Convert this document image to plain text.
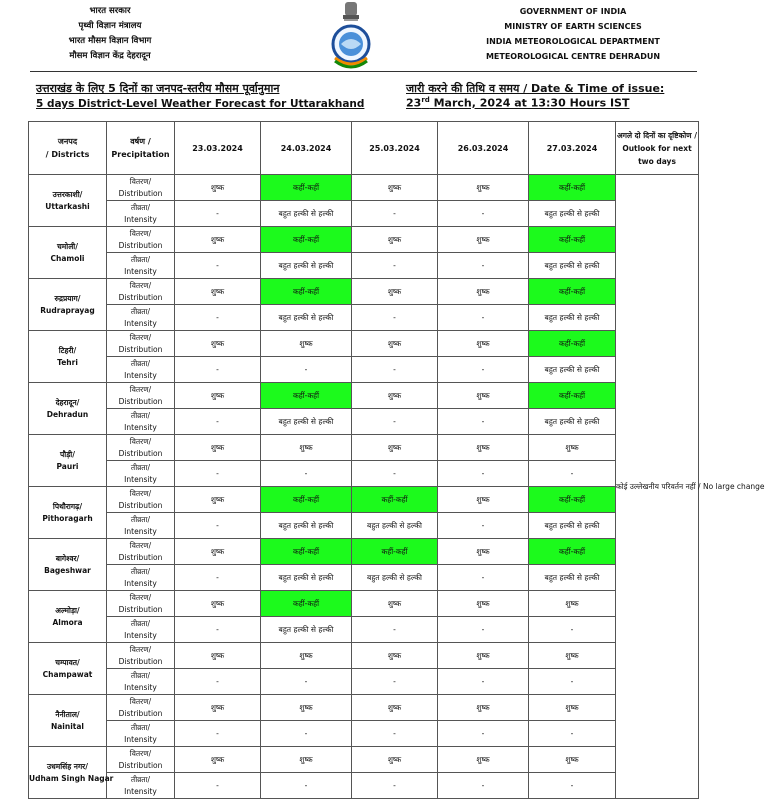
भारत सरकार
पृथ्वी विज्ञान मंत्रालय
भारत मौसम विज्ञान विभाग
मौसम विज्ञान केंद्र देहरादून
GOVERNMENT OF INDIA
MINISTRY OF EARTH SCIENCES
INDIA METEOROLOGICAL DEPARTMENT
METEOROLOGICAL CENTRE DEHRADUN
उत्तराखंड के लिए 5 दिनों का जनपद-स्तरीय मौसम पूर्वानुमान
5 days District-Level Weather Forecast for Uttarakhand
जारी करने की तिथि व समय / Date & Time of issue:
23rd March, 2024 at 13:30 Hours IST
जनपद
/ Districts	वर्षण /
Precipitation	23.03.2024	24.03.2024	25.03.2024	26.03.2024	27.03.2024	अगले दो दिनों का दृष्टिकोण / Outlook for next two days
उत्तरकाशी/
Uttarkashi	वितरण/
Distribution	शुष्क	कहीं-कहीं	शुष्क	शुष्क	कहीं-कहीं	कोई उल्लेखनीय परिवर्तन नहीं / No large change
	तीव्रता/
Intensity	-	बहुत हल्की से हल्की	-	-	बहुत हल्की से हल्की	
चमोली/
Chamoli	वितरण/
Distribution	शुष्क	कहीं-कहीं	शुष्क	शुष्क	कहीं-कहीं	
	तीव्रता/
Intensity	-	बहुत हल्की से हल्की	-	-	बहुत हल्की से हल्की	
रुद्रप्रयाग/
Rudraprayag	वितरण/
Distribution	शुष्क	कहीं-कहीं	शुष्क	शुष्क	कहीं-कहीं	
	तीव्रता/
Intensity	-	बहुत हल्की से हल्की	-	-	बहुत हल्की से हल्की	
टिहरी/
Tehri	वितरण/
Distribution	शुष्क	शुष्क	शुष्क	शुष्क	कहीं-कहीं	
	तीव्रता/
Intensity	-	-	-	-	बहुत हल्की से हल्की	
देहरादून/
Dehradun	वितरण/
Distribution	शुष्क	कहीं-कहीं	शुष्क	शुष्क	कहीं-कहीं	
	तीव्रता/
Intensity	-	बहुत हल्की से हल्की	-	-	बहुत हल्की से हल्की	
पौड़ी/
Pauri	वितरण/
Distribution	शुष्क	शुष्क	शुष्क	शुष्क	शुष्क	
	तीव्रता/
Intensity	-	-	-	-	-	
पिथौरागढ़/
Pithoragarh	वितरण/
Distribution	शुष्क	कहीं-कहीं	कहीं-कहीं	शुष्क	कहीं-कहीं	
	तीव्रता/
Intensity	-	बहुत हल्की से हल्की	बहुत हल्की से हल्की	-	बहुत हल्की से हल्की	
बागेश्वर/
Bageshwar	वितरण/
Distribution	शुष्क	कहीं-कहीं	कहीं-कहीं	शुष्क	कहीं-कहीं	
	तीव्रता/
Intensity	-	बहुत हल्की से हल्की	बहुत हल्की से हल्की	-	बहुत हल्की से हल्की	
अल्मोड़ा/
Almora	वितरण/
Distribution	शुष्क	कहीं-कहीं	शुष्क	शुष्क	शुष्क	
	तीव्रता/
Intensity	-	बहुत हल्की से हल्की	-	-	-	
चम्पावत/
Champawat	वितरण/
Distribution	शुष्क	शुष्क	शुष्क	शुष्क	शुष्क	
	तीव्रता/
Intensity	-	-	-	-	-	
नैनीताल/
Nainital	वितरण/
Distribution	शुष्क	शुष्क	शुष्क	शुष्क	शुष्क	
	तीव्रता/
Intensity	-	-	-	-	-	
उधमसिंह नगर/
Udham Singh Nagar	वितरण/
Distribution	शुष्क	शुष्क	शुष्क	शुष्क	शुष्क	
	तीव्रता/
Intensity	-	-	-	-	-	
